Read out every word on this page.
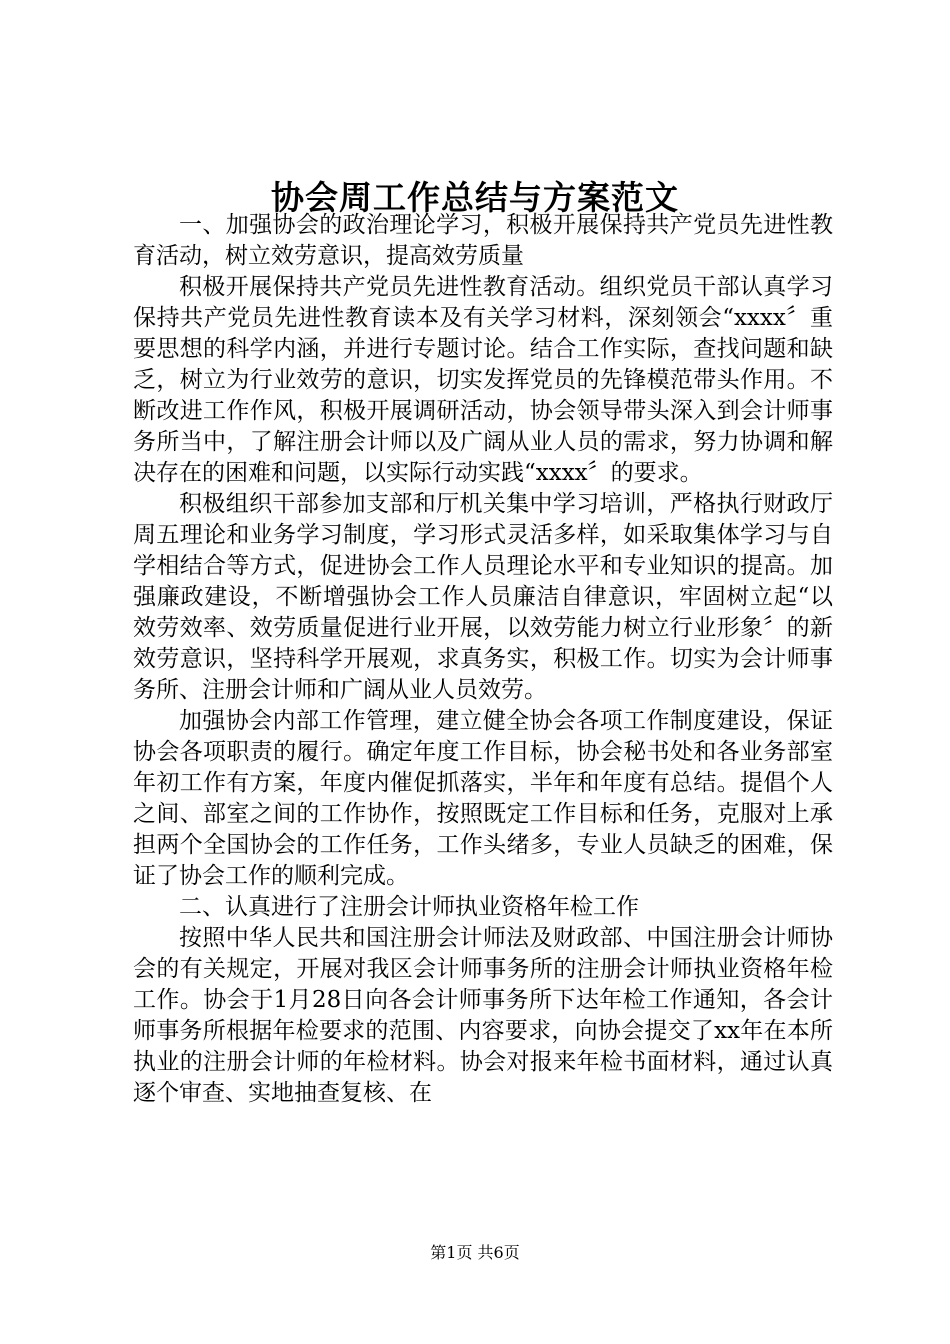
协会周工作总结与方案范文

一、加强协会的政治理论学习，积极开展保持共产党员先进性教育活动，树立效劳意识，提高效劳质量

积极开展保持共产党员先进性教育活动。组织党员干部认真学习保持共产党员先进性教育读本及有关学习材料，深刻领会“xxxx〞重要思想的科学内涵，并进行专题讨论。结合工作实际，查找问题和缺乏，树立为行业效劳的意识，切实发挥党员的先锋模范带头作用。不断改进工作作风，积极开展调研活动，协会领导带头深入到会计师事务所当中，了解注册会计师以及广阔从业人员的需求，努力协调和解决存在的困难和问题，以实际行动实践“xxxx〞的要求。

积极组织干部参加支部和厅机关集中学习培训，严格执行财政厅周五理论和业务学习制度，学习形式灵活多样，如采取集体学习与自学相结合等方式，促进协会工作人员理论水平和专业知识的提高。加强廉政建设，不断增强协会工作人员廉洁自律意识，牢固树立起“以效劳效率、效劳质量促进行业开展，以效劳能力树立行业形象〞的新效劳意识，坚持科学开展观，求真务实，积极工作。切实为会计师事务所、注册会计师和广阔从业人员效劳。

加强协会内部工作管理，建立健全协会各项工作制度建设，保证协会各项职责的履行。确定年度工作目标，协会秘书处和各业务部室年初工作有方案，年度内催促抓落实，半年和年度有总结。提倡个人之间、部室之间的工作协作，按照既定工作目标和任务，克服对上承担两个全国协会的工作任务，工作头绪多，专业人员缺乏的困难，保证了协会工作的顺利完成。

二、认真进行了注册会计师执业资格年检工作

按照中华人民共和国注册会计师法及财政部、中国注册会计师协会的有关规定，开展对我区会计师事务所的注册会计师执业资格年检工作。协会于1月28日向各会计师事务所下达年检工作通知，各会计师事务所根据年检要求的范围、内容要求，向协会提交了xx年在本所执业的注册会计师的年检材料。协会对报来年检书面材料，通过认真逐个审查、实地抽查复核、在

第1页 共6页
